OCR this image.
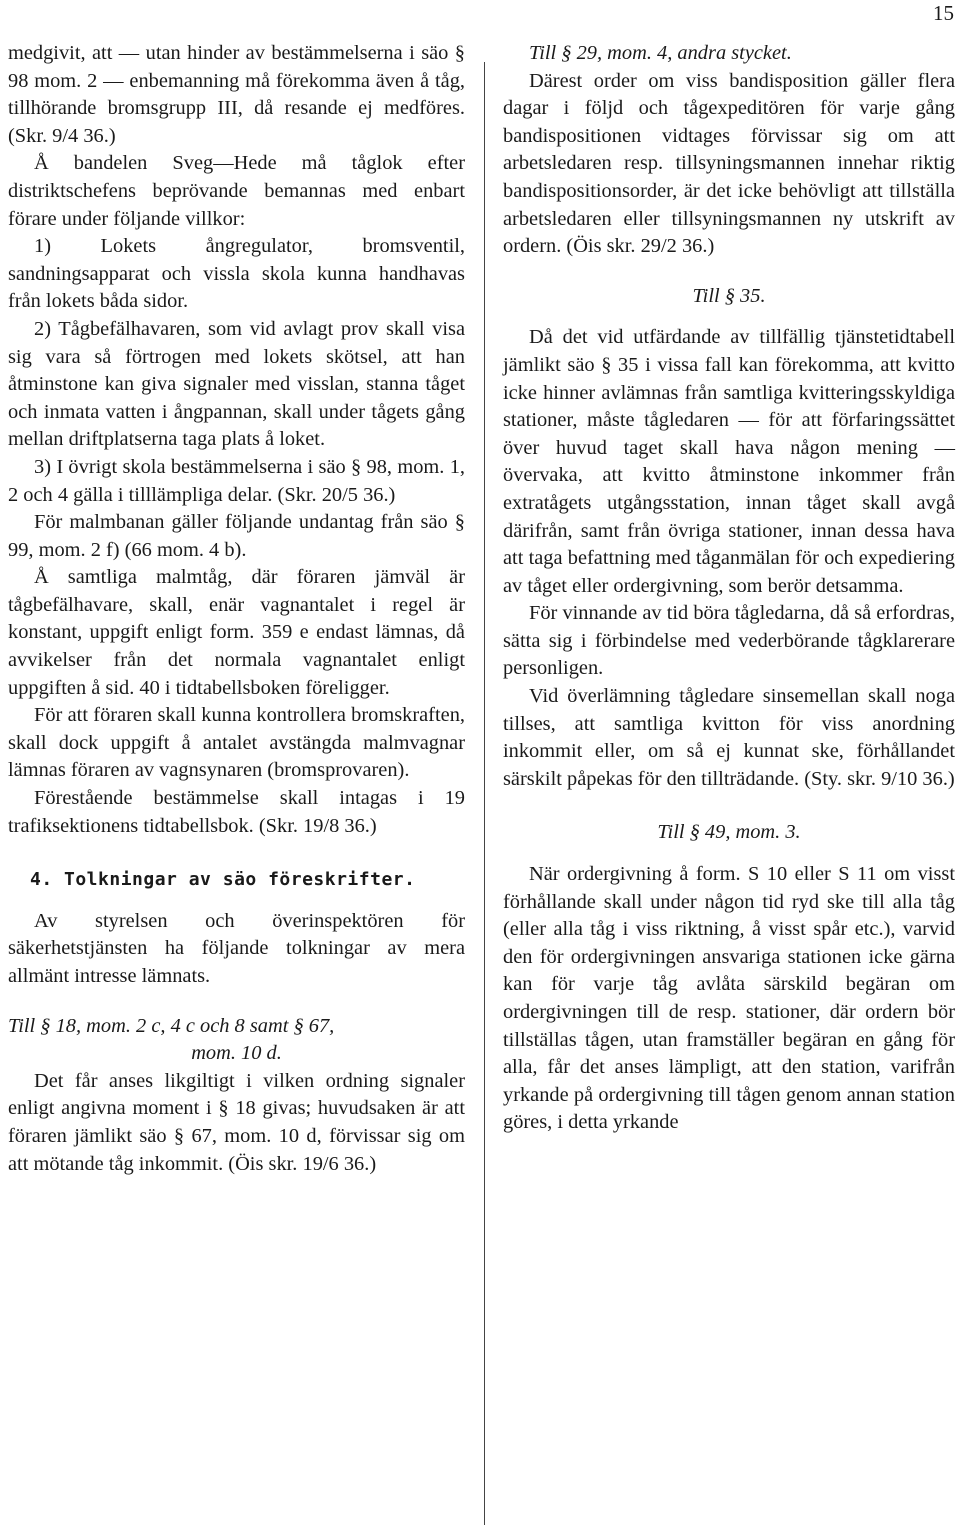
15

medgivit, att — utan hinder av bestämmelserna i säo § 98 mom. 2 — enbemanning må förekomma även å tåg, tillhörande bromsgrupp III, då resande ej medföres. (Skr. 9/4 36.)

Å bandelen Sveg—Hede må tåglok efter distriktschefens beprövande bemannas med enbart förare under följande villkor:

1) Lokets ångregulator, bromsventil, sandningsapparat och vissla skola kunna handhavas från lokets båda sidor.

2) Tågbefälhavaren, som vid avlagt prov skall visa sig vara så förtrogen med lokets skötsel, att han åtminstone kan giva signaler med visslan, stanna tåget och inmata vatten i ångpannan, skall under tågets gång mellan driftplatserna taga plats å loket.

3) I övrigt skola bestämmelserna i säo § 98, mom. 1, 2 och 4 gälla i tilllämpliga delar. (Skr. 20/5 36.)

För malmbanan gäller följande undantag från säo § 99, mom. 2 f) (66 mom. 4 b).

Å samtliga malmtåg, där föraren jämväl är tågbefälhavare, skall, enär vagnantalet i regel är konstant, uppgift enligt form. 359 e endast lämnas, då avvikelser från det normala vagnantalet enligt uppgiften å sid. 40 i tidtabellsboken föreligger.

För att föraren skall kunna kontrollera bromskraften, skall dock uppgift å antalet avstängda malmvagnar lämnas föraren av vagnsynaren (bromsprovaren).

Förestående bestämmelse skall intagas i 19 trafiksektionens tidtabellsbok. (Skr. 19/8 36.)

4. Tolkningar av säo föreskrifter.

Av styrelsen och överinspektören för säkerhetstjänsten ha följande tolkningar av mera allmänt intresse lämnats.

Till § 18, mom. 2 c, 4 c och 8 samt § 67,

mom. 10 d.

Det får anses likgiltigt i vilken ordning signaler enligt angivna moment i § 18 givas; huvudsaken är att föraren jämlikt säo § 67, mom. 10 d, förvissar sig om att mötande tåg inkommit. (Öis skr. 19/6 36.)

Till § 29, mom. 4, andra stycket.

Därest order om viss bandisposition gäller flera dagar i följd och tågexpeditören för varje gång bandispositionen vidtages förvissar sig om att arbetsledaren resp. tillsyningsmannen innehar riktig bandispositionsorder, är det icke behövligt att tillställa arbetsledaren eller tillsyningsmannen ny utskrift av ordern. (Öis skr. 29/2 36.)

Till § 35.

Då det vid utfärdande av tillfällig tjänstetidtabell jämlikt säo § 35 i vissa fall kan förekomma, att kvitto icke hinner avlämnas från samtliga kvitteringsskyldiga stationer, måste tågledaren — för att förfaringssättet över huvud taget skall hava någon mening — övervaka, att kvitto åtminstone inkommer från extratågets utgångsstation, innan tåget skall avgå därifrån, samt från övriga stationer, innan dessa hava att taga befattning med tåganmälan för och expediering av tåget eller ordergivning, som berör detsamma.

För vinnande av tid böra tågledarna, då så erfordras, sätta sig i förbindelse med vederbörande tågklarerare personligen.

Vid överlämning tågledare sinsemellan skall noga tillses, att samtliga kvitton för viss anordning inkommit eller, om så ej kunnat ske, förhållandet särskilt påpekas för den tillträdande. (Sty. skr. 9/10 36.)

Till § 49, mom. 3.

När ordergivning å form. S 10 eller S 11 om visst förhållande skall under någon tid ryd ske till alla tåg (eller alla tåg i viss riktning, å visst spår etc.), varvid den för ordergivningen ansvariga stationen icke gärna kan för varje tåg avlåta särskild begäran om ordergivningen till de resp. stationer, där ordern bör tillställas tågen, utan framställer begäran en gång för alla, får det anses lämpligt, att den station, varifrån yrkande på ordergivning till tågen genom annan station göres, i detta yrkande
